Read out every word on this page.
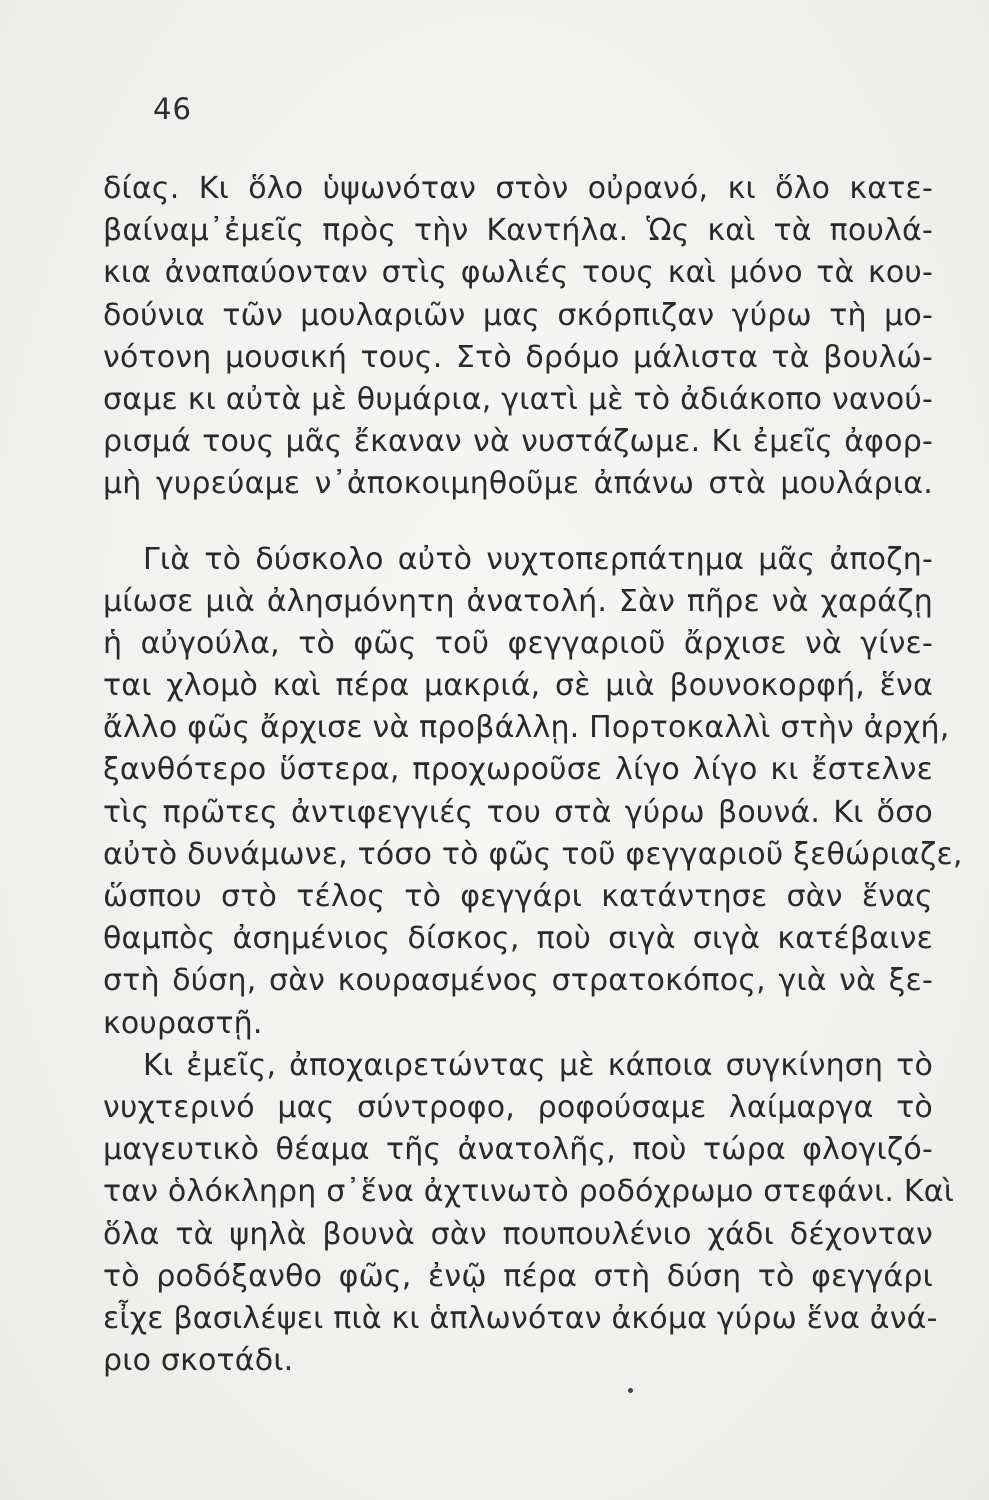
46
δίας. Κι ὅλο ὑψωνόταν στὸν οὐρανό, κι ὅλο κατε-
βαίναμ᾿ἐμεῖς πρὸς τὴν Καντήλα. Ὡς καὶ τὰ πουλά-
κια ἀναπαύονταν στὶς φωλιές τους καὶ μόνο τὰ κου-
δούνια τῶν μουλαριῶν μας σκόρπιζαν γύρω τὴ μο-
νότονη μουσική τους. Στὸ δρόμο μάλιστα τὰ βουλώ-
σαμε κι αὐτὰ μὲ θυμάρια, γιατὶ μὲ τὸ ἀδιάκοπο νανού-
ρισμά τους μᾶς ἔκαναν νὰ νυστάζωμε. Κι ἐμεῖς ἀφορ-
μὴ γυρεύαμε ν᾿ἀποκοιμηθοῦμε ἀπάνω στὰ μουλάρια.
Γιὰ τὸ δύσκολο αὐτὸ νυχτοπερπάτημα μᾶς ἀποζη-
μίωσε μιὰ ἀλησμόνητη ἀνατολή. Σὰν πῆρε νὰ χαράζῃ
ἡ αὐγούλα, τὸ φῶς τοῦ φεγγαριοῦ ἄρχισε νὰ γίνε-
ται χλομὸ καὶ πέρα μακριά, σὲ μιὰ βουνοκορφή, ἕνα
ἄλλο φῶς ἄρχισε νὰ προβάλλῃ. Πορτοκαλλὶ στὴν ἀρχή,
ξανθότερο ὕστερα, προχωροῦσε λίγο λίγο κι ἔστελνε
τὶς πρῶτες ἀντιφεγγιές του στὰ γύρω βουνά. Κι ὅσο
αὐτὸ δυνάμωνε, τόσο τὸ φῶς τοῦ φεγγαριοῦ ξεθώριαζε,
ὥσπου στὸ τέλος τὸ φεγγάρι κατάντησε σὰν ἕνας
θαμπὸς ἀσημένιος δίσκος, ποὺ σιγὰ σιγὰ κατέβαινε
στὴ δύση, σὰν κουρασμένος στρατοκόπος, γιὰ νὰ ξε-
κουραστῇ.
Κι ἐμεῖς, ἀποχαιρετώντας μὲ κάποια συγκίνηση τὸ
νυχτερινό μας σύντροφο, ροφούσαμε λαίμαργα τὸ
μαγευτικὸ θέαμα τῆς ἀνατολῆς, ποὺ τώρα φλογιζό-
ταν ὁλόκληρη σ᾿ἕνα ἀχτινωτὸ ροδόχρωμο στεφάνι. Καὶ
ὅλα τὰ ψηλὰ βουνὰ σὰν πουπουλένιο χάδι δέχονταν
τὸ ροδόξανθο φῶς, ἐνῷ πέρα στὴ δύση τὸ φεγγάρι
εἶχε βασιλέψει πιὰ κι ἁπλωνόταν ἀκόμα γύρω ἕνα ἀνά-
ριο σκοτάδι.
